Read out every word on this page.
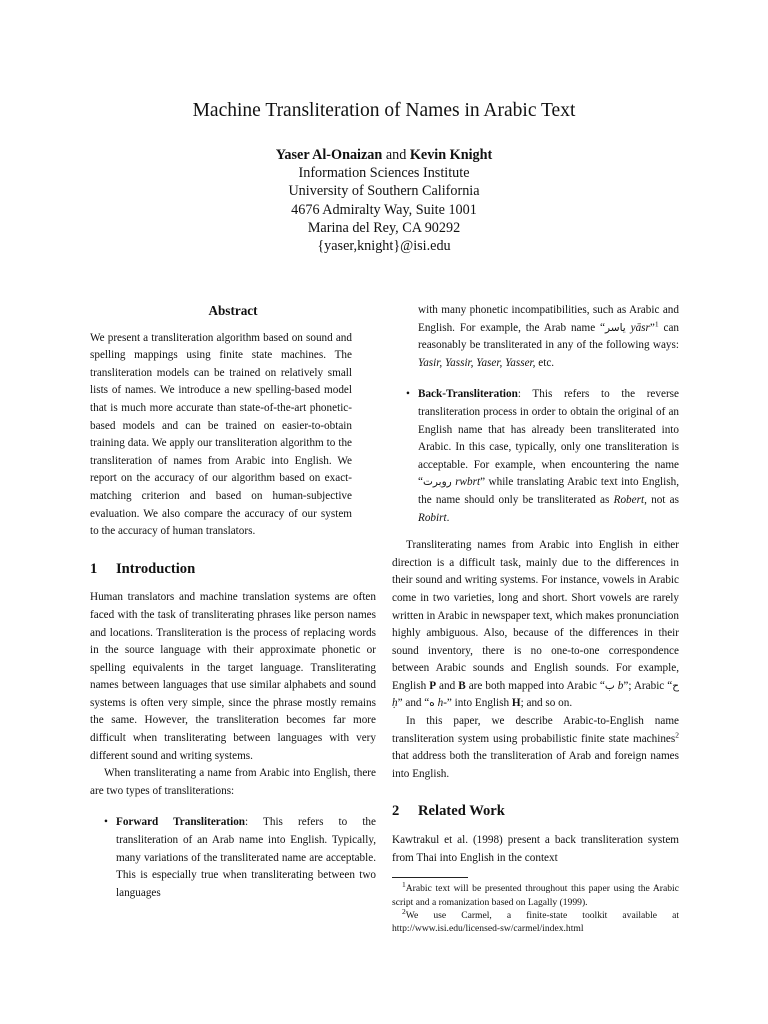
Machine Transliteration of Names in Arabic Text
Yaser Al-Onaizan and Kevin Knight
Information Sciences Institute
University of Southern California
4676 Admiralty Way, Suite 1001
Marina del Rey, CA 90292
{yaser,knight}@isi.edu
Abstract

We present a transliteration algorithm based on sound and spelling mappings using finite state machines. The transliteration models can be trained on relatively small lists of names. We introduce a new spelling-based model that is much more accurate than state-of-the-art phonetic-based models and can be trained on easier-to-obtain training data. We apply our transliteration algorithm to the transliteration of names from Arabic into English. We report on the accuracy of our algorithm based on exact-matching criterion and based on human-subjective evaluation. We also compare the accuracy of our system to the accuracy of human translators.

1 Introduction

Human translators and machine translation systems are often faced with the task of transliterating phrases like person names and locations. Transliteration is the process of replacing words in the source language with their approximate phonetic or spelling equivalents in the target language. Transliterating names between languages that use similar alphabets and sound systems is often very simple, since the phrase mostly remains the same. However, the transliteration becomes far more difficult when transliterating between languages with very different sound and writing systems.

When transliterating a name from Arabic into English, there are two types of transliterations:

• Forward Transliteration: This refers to the transliteration of an Arab name into English. Typically, many variations of the transliterated name are acceptable. This is especially true when transliterating between two languages

with many phonetic incompatibilities, such as Arabic and English. For example, the Arab name “ياسر yāsr”$^1$ can reasonably be transliterated in any of the following ways: Yasir, Yassir, Yaser, Yasser, etc.

• Back-Transliteration: This refers to the reverse transliteration process in order to obtain the original of an English name that has already been transliterated into Arabic. In this case, typically, only one transliteration is acceptable. For example, when encountering the name “روبرت rwbrt” while translating Arabic text into English, the name should only be transliterated as Robert, not as Robirt.

Transliterating names from Arabic into English in either direction is a difficult task, mainly due to the differences in their sound and writing systems. For instance, vowels in Arabic come in two varieties, long and short. Short vowels are rarely written in Arabic in newspaper text, which makes pronunciation highly ambiguous. Also, because of the differences in their sound inventory, there is no one-to-one correspondence between Arabic sounds and English sounds. For example, English P and B are both mapped into Arabic “ب b”; Arabic “ح ḥ” and “ه h-” into English H; and so on.

In this paper, we describe Arabic-to-English name transliteration system using probabilistic finite state machines$^2$ that address both the transliteration of Arab and foreign names into English.

2 Related Work

Kawtrakul et al. (1998) present a back transliteration system from Thai into English in the context

$^1$Arabic text will be presented throughout this paper using the Arabic script and a romanization based on Lagally (1999).

$^2$We use Carmel, a finite-state toolkit available at http://www.isi.edu/licensed-sw/carmel/index.html
